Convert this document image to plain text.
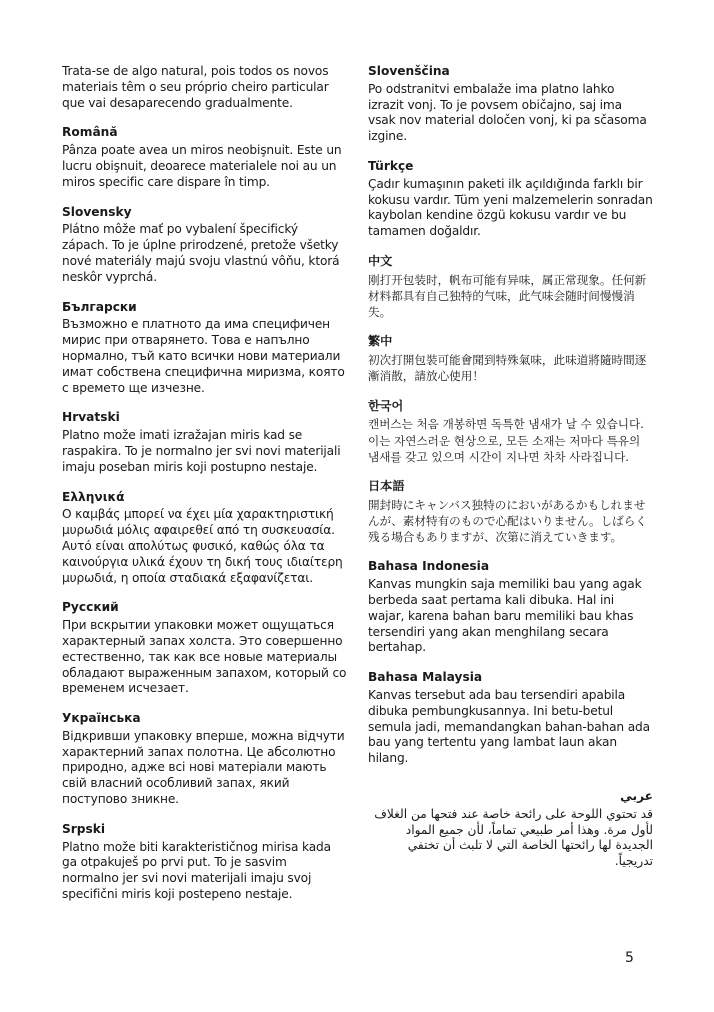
Trata-se de algo natural, pois todos os novos materiais têm o seu próprio cheiro particular que vai desaparecendo gradualmente.

Română

Pânza poate avea un miros neobişnuit. Este un lucru obişnuit, deoarece materialele noi au un miros specific care dispare în timp.

Slovensky

Plátno môže mať po vybalení špecifický zápach. To je úplne prirodzené, pretože všetky nové materiály majú svoju vlastnú vôňu, ktorá neskôr vyprchá.

Български

Възможно е платното да има специфичен мирис при отварянето. Това е напълно нормално, тъй като всички нови материали имат собствена специфична миризма, която с времето ще изчезне.

Hrvatski

Platno može imati izražajan miris kad se raspakira. To je normalno jer svi novi materijali imaju poseban miris koji postupno nestaje.

Ελληνικά

Ο καμβάς μπορεί να έχει μία χαρακτηριστική μυρωδιά μόλις αφαιρεθεί από τη συσκευασία. Αυτό είναι απολύτως φυσικό, καθώς όλα τα καινούργια υλικά έχουν τη δική τους ιδιαίτερη μυρωδιά, η οποία σταδιακά εξαφανίζεται.

Русский

При вскрытии упаковки может ощущаться характерный запах холста. Это совершенно естественно, так как все новые материалы обладают выраженным запахом, который со временем исчезает.

Українська

Відкривши упаковку вперше, можна відчути характерний запах полотна. Це абсолютно природно, адже всі нові матеріали мають свій власний особливий запах, який поступово зникне.

Srpski

Platno može biti karakterističnog mirisa kada ga otpakuješ po prvi put. To je sasvim normalno jer svi novi materijali imaju svoj specifični miris koji postepeno nestaje.

Slovenščina

Po odstranitvi embalaže ima platno lahko izrazit vonj. To je povsem običajno, saj ima vsak nov material določen vonj, ki pa sčasoma izgine.

Türkçe

Çadır kumaşının paketi ilk açıldığında farklı bir kokusu vardır. Tüm yeni malzemelerin sonradan kaybolan kendine özgü kokusu vardır ve bu tamamen doğaldır.

中文

刚打开包装时，帆布可能有异味，属正常现象。任何新材料都具有自己独特的气味，此气味会随时间慢慢消失。

繁中

初次打開包裝可能會聞到特殊氣味，此味道將隨時間逐漸消散，請放心使用！

한국어

캔버스는 처음 개봉하면 독특한 냄새가 날 수 있습니다. 이는 자연스러운 현상으로, 모든 소재는 저마다 특유의 냄새를 갖고 있으며 시간이 지나면 차차 사라집니다.

日本語

開封時にキャンバス独特のにおいがあるかもしれませんが、素材特有のもので心配はいりません。しばらく残る場合もありますが、次第に消えていきます。

Bahasa Indonesia

Kanvas mungkin saja memiliki bau yang agak berbeda saat pertama kali dibuka. Hal ini wajar, karena bahan baru memiliki bau khas tersendiri yang akan menghilang secara bertahap.

Bahasa Malaysia

Kanvas tersebut ada bau tersendiri apabila dibuka pembungkusannya. Ini betu-betul semula jadi, memandangkan bahan-bahan ada bau yang tertentu yang lambat laun akan hilang.

عربي

قد تحتوي اللوحة على رائحة خاصة عند فتحها من الغلاف لأول مرة. وهذا أمر طبيعي تماماً، لأن جميع المواد الجديدة لها رائحتها الخاصة التي لا تلبث أن تختفي تدريجياً.

5
